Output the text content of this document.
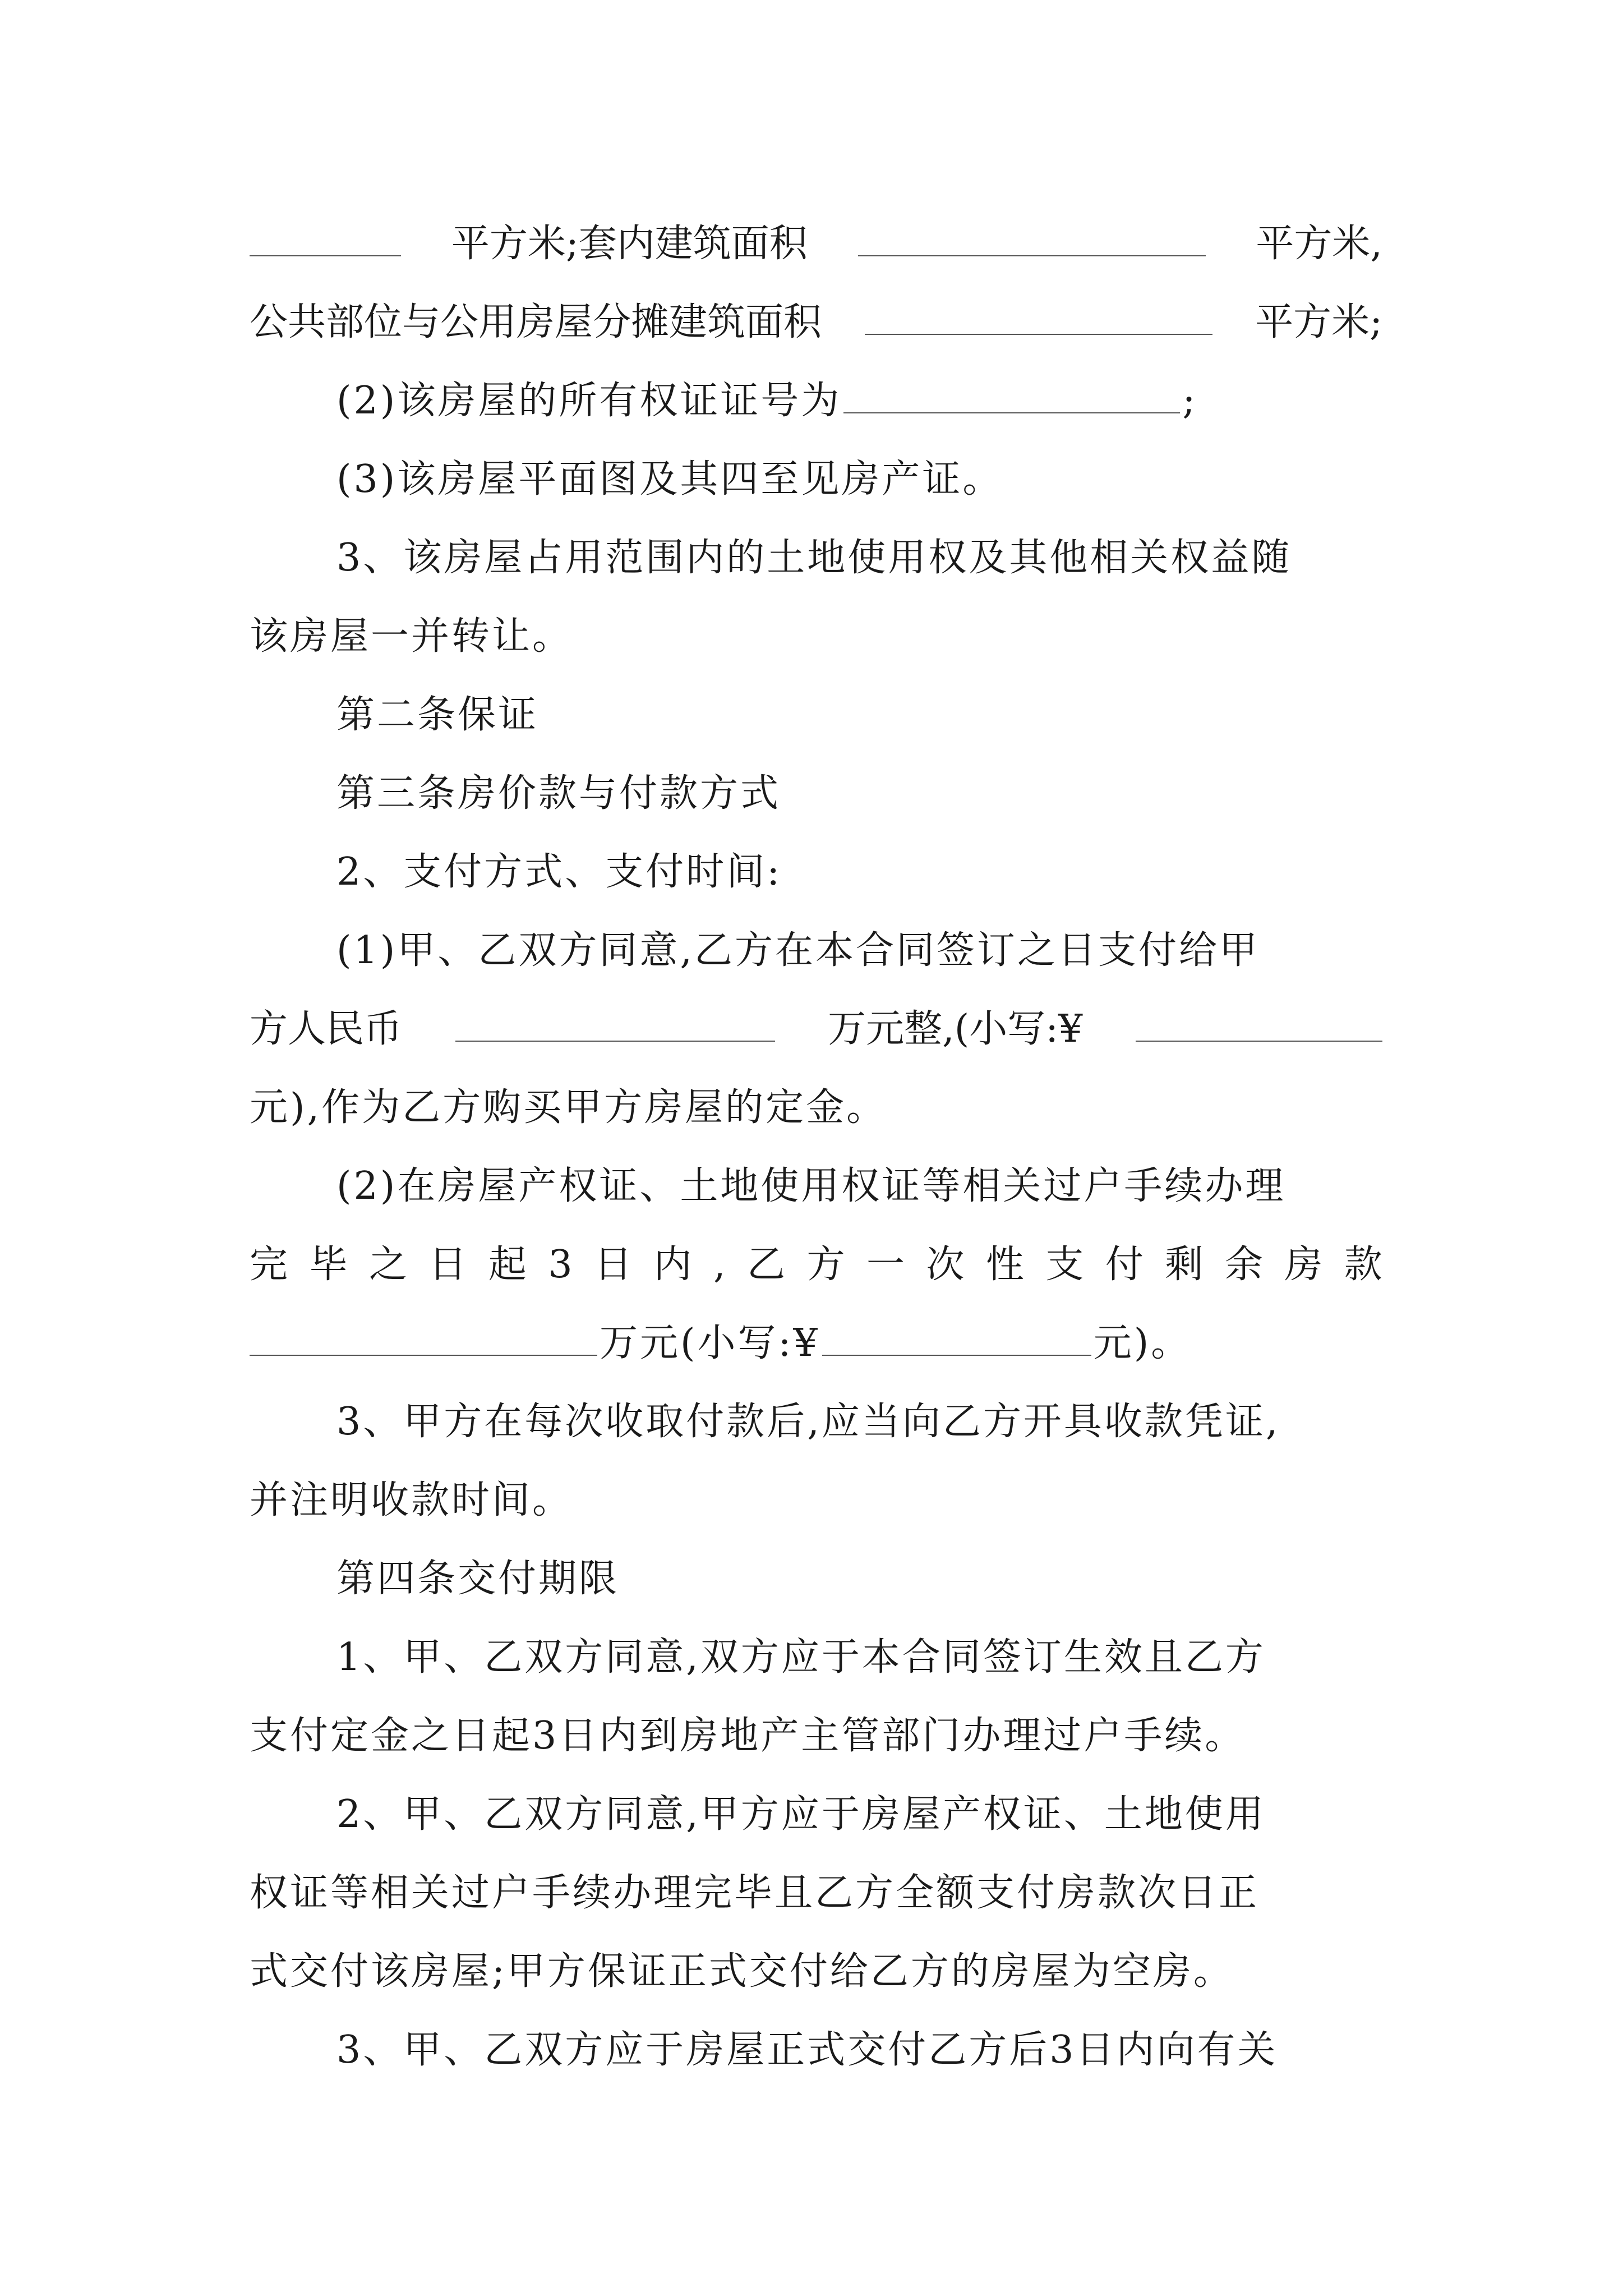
平方米;套内建筑面积	平方米,
公共部位与公用房屋分摊建筑面积	平方米;
(2)该房屋的所有权证证号为	;
(3)该房屋平面图及其四至见房产证。
3、该房屋占用范围内的土地使用权及其他相关权益随
该房屋一并转让。
第二条保证
第三条房价款与付款方式
2、支付方式、支付时间:
(1)甲、乙双方同意,乙方在本合同签订之日支付给甲
方人民币	万元整,(小写:¥
元),作为乙方购买甲方房屋的定金。
(2)在房屋产权证、土地使用权证等相关过户手续办理
完 毕 之 日 起 3 日 内 , 乙 方 一 次 性 支 付 剩 余 房 款
万元(小写:¥	元)。
3、甲方在每次收取付款后,应当向乙方开具收款凭证,
并注明收款时间。
第四条交付期限
1、甲、乙双方同意,双方应于本合同签订生效且乙方
支付定金之日起3日内到房地产主管部门办理过户手续。
2、甲、乙双方同意,甲方应于房屋产权证、土地使用
权证等相关过户手续办理完毕且乙方全额支付房款次日正
式交付该房屋;甲方保证正式交付给乙方的房屋为空房。
3、甲、乙双方应于房屋正式交付乙方后3日内向有关
